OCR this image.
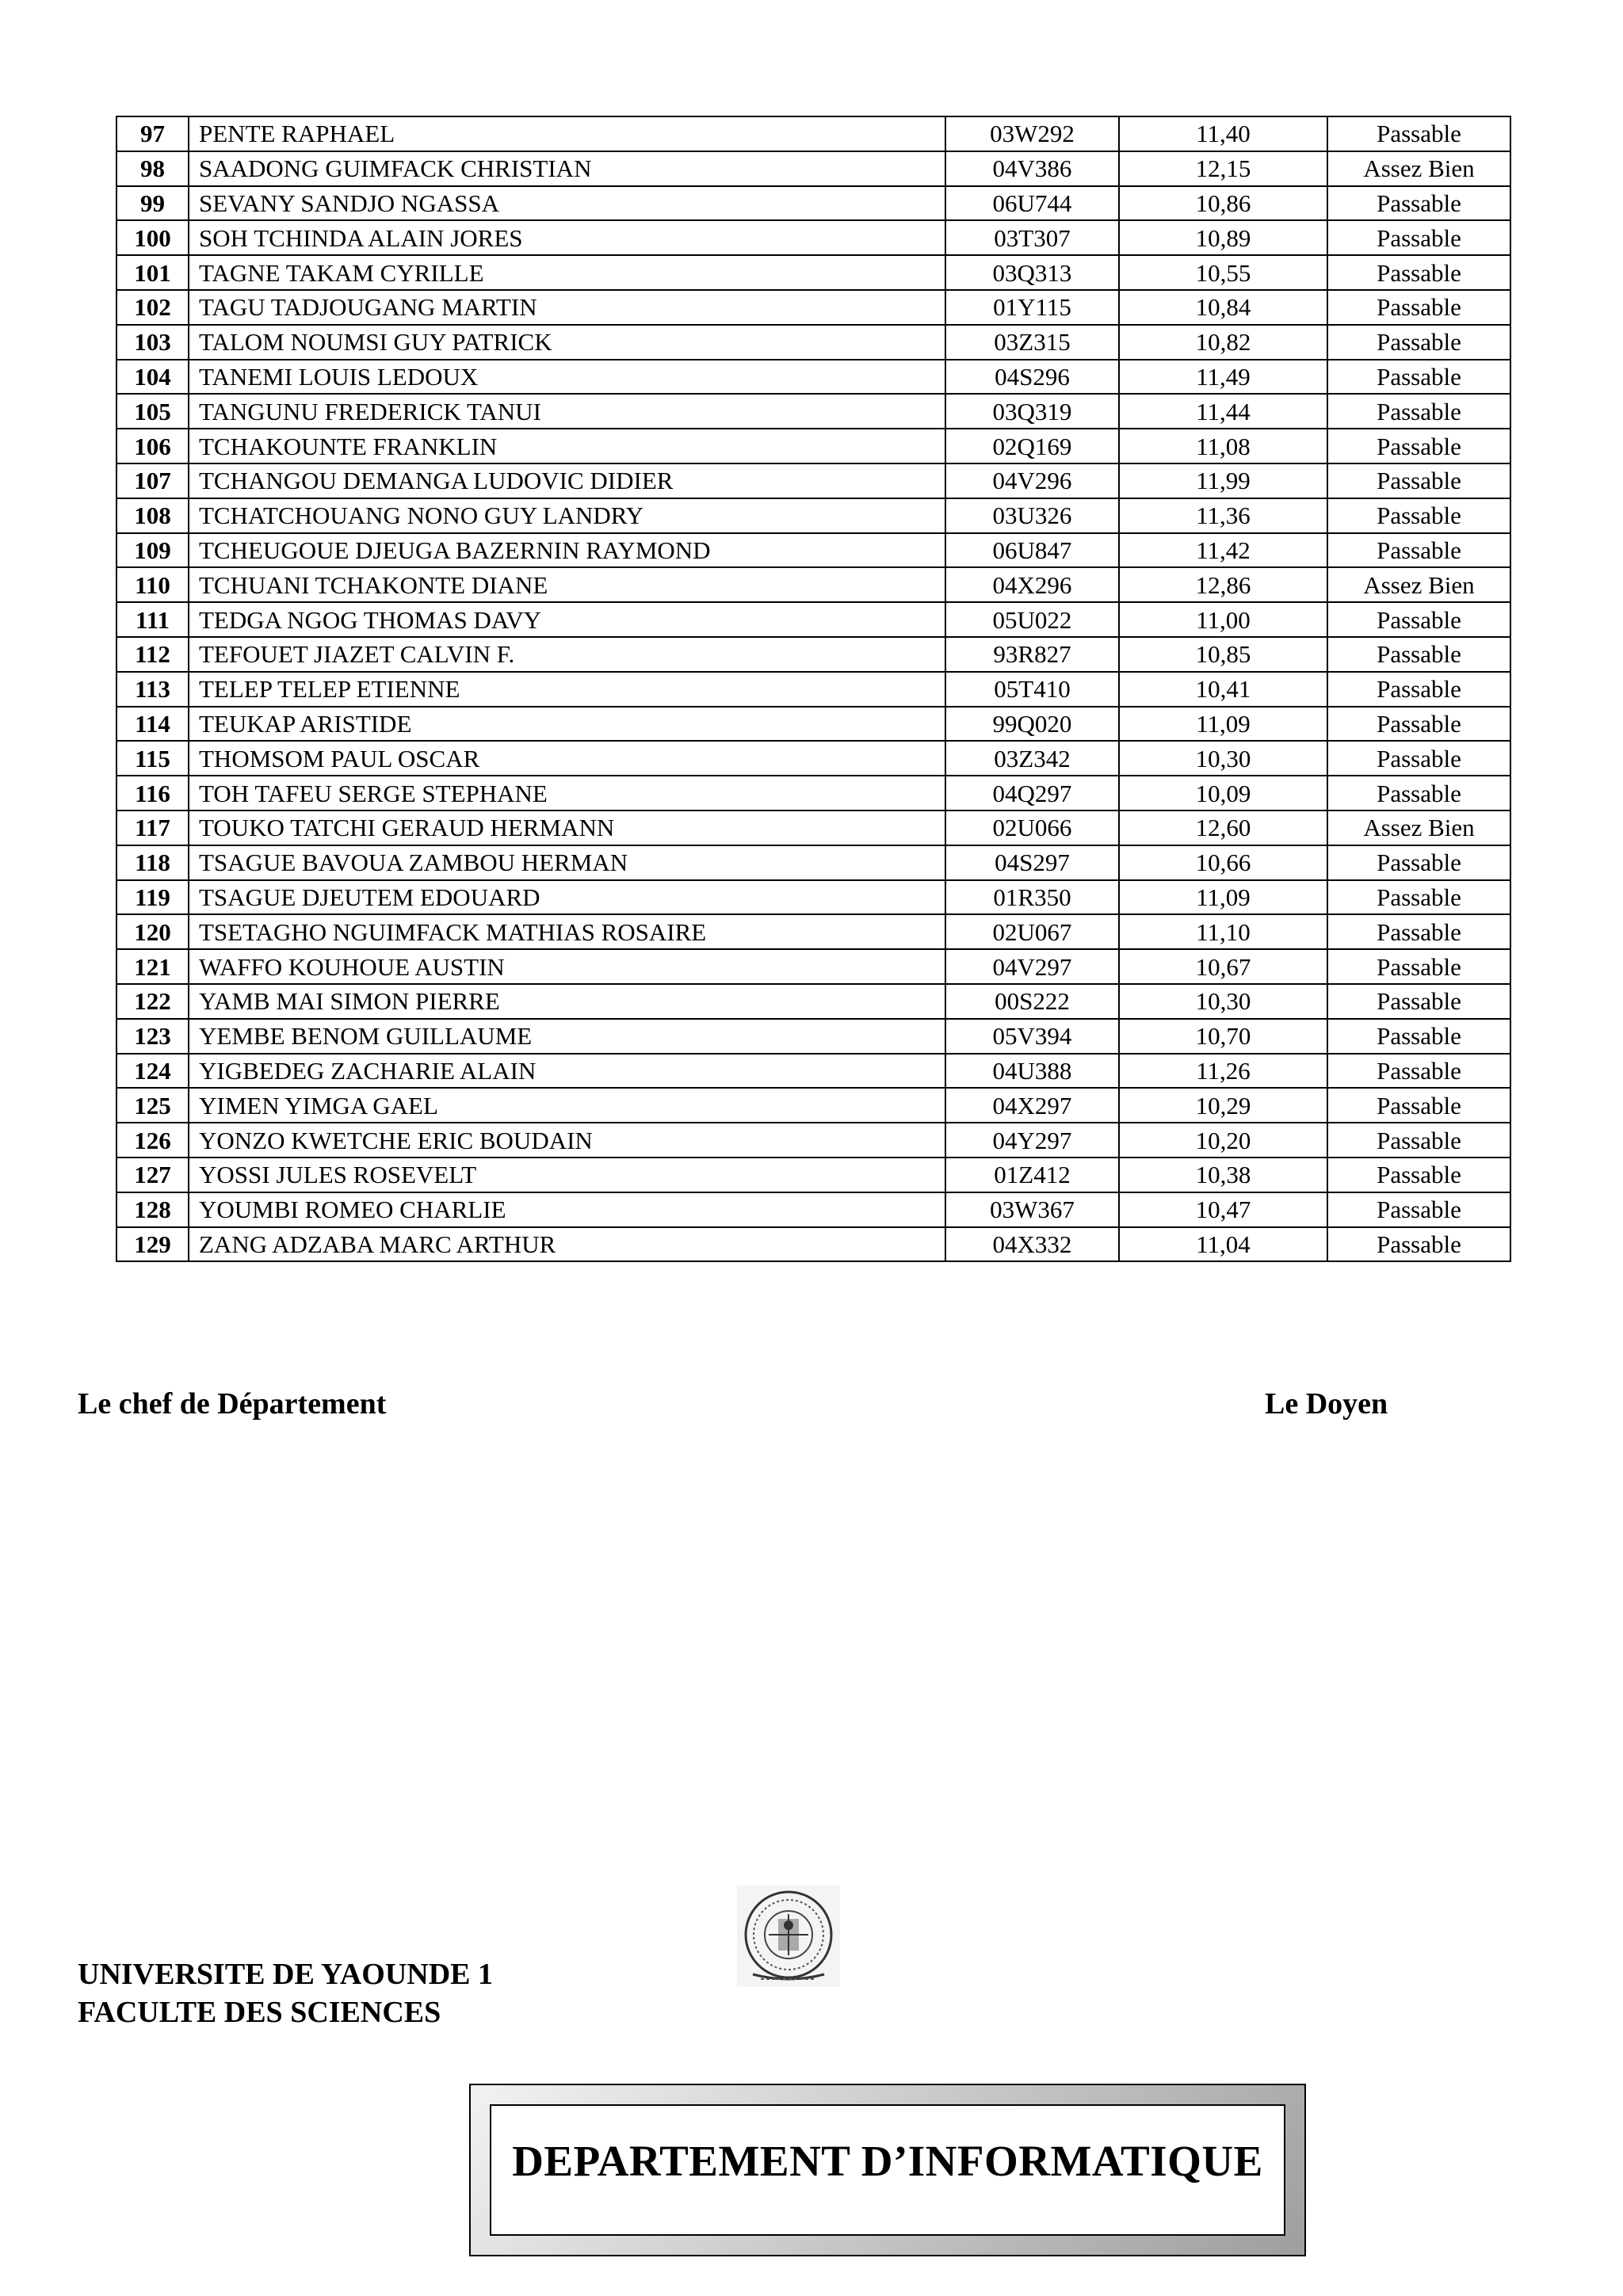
97	PENTE RAPHAEL	03W292	11,40	Passable
98	SAADONG GUIMFACK CHRISTIAN	04V386	12,15	Assez Bien
99	SEVANY SANDJO NGASSA	06U744	10,86	Passable
100	SOH TCHINDA ALAIN JORES	03T307	10,89	Passable
101	TAGNE TAKAM CYRILLE	03Q313	10,55	Passable
102	TAGU TADJOUGANG MARTIN	01Y115	10,84	Passable
103	TALOM NOUMSI GUY PATRICK	03Z315	10,82	Passable
104	TANEMI LOUIS LEDOUX	04S296	11,49	Passable
105	TANGUNU FREDERICK TANUI	03Q319	11,44	Passable
106	TCHAKOUNTE FRANKLIN	02Q169	11,08	Passable
107	TCHANGOU DEMANGA LUDOVIC DIDIER	04V296	11,99	Passable
108	TCHATCHOUANG NONO GUY LANDRY	03U326	11,36	Passable
109	TCHEUGOUE DJEUGA BAZERNIN RAYMOND	06U847	11,42	Passable
110	TCHUANI TCHAKONTE DIANE	04X296	12,86	Assez Bien
111	TEDGA NGOG THOMAS DAVY	05U022	11,00	Passable
112	TEFOUET JIAZET CALVIN F.	93R827	10,85	Passable
113	TELEP TELEP ETIENNE	05T410	10,41	Passable
114	TEUKAP ARISTIDE	99Q020	11,09	Passable
115	THOMSOM PAUL OSCAR	03Z342	10,30	Passable
116	TOH TAFEU SERGE STEPHANE	04Q297	10,09	Passable
117	TOUKO TATCHI GERAUD HERMANN	02U066	12,60	Assez Bien
118	TSAGUE BAVOUA ZAMBOU HERMAN	04S297	10,66	Passable
119	TSAGUE DJEUTEM EDOUARD	01R350	11,09	Passable
120	TSETAGHO NGUIMFACK MATHIAS ROSAIRE	02U067	11,10	Passable
121	WAFFO KOUHOUE AUSTIN	04V297	10,67	Passable
122	YAMB MAI SIMON PIERRE	00S222	10,30	Passable
123	YEMBE BENOM GUILLAUME	05V394	10,70	Passable
124	YIGBEDEG ZACHARIE ALAIN	04U388	11,26	Passable
125	YIMEN YIMGA GAEL	04X297	10,29	Passable
126	YONZO KWETCHE ERIC BOUDAIN	04Y297	10,20	Passable
127	YOSSI JULES ROSEVELT	01Z412	10,38	Passable
128	YOUMBI ROMEO CHARLIE	03W367	10,47	Passable
129	ZANG ADZABA MARC ARTHUR	04X332	11,04	Passable
Le chef de Département	Le Doyen
UNIVERSITE DE YAOUNDE 1
FACULTE DES SCIENCES
DEPARTEMENT D’INFORMATIQUE
